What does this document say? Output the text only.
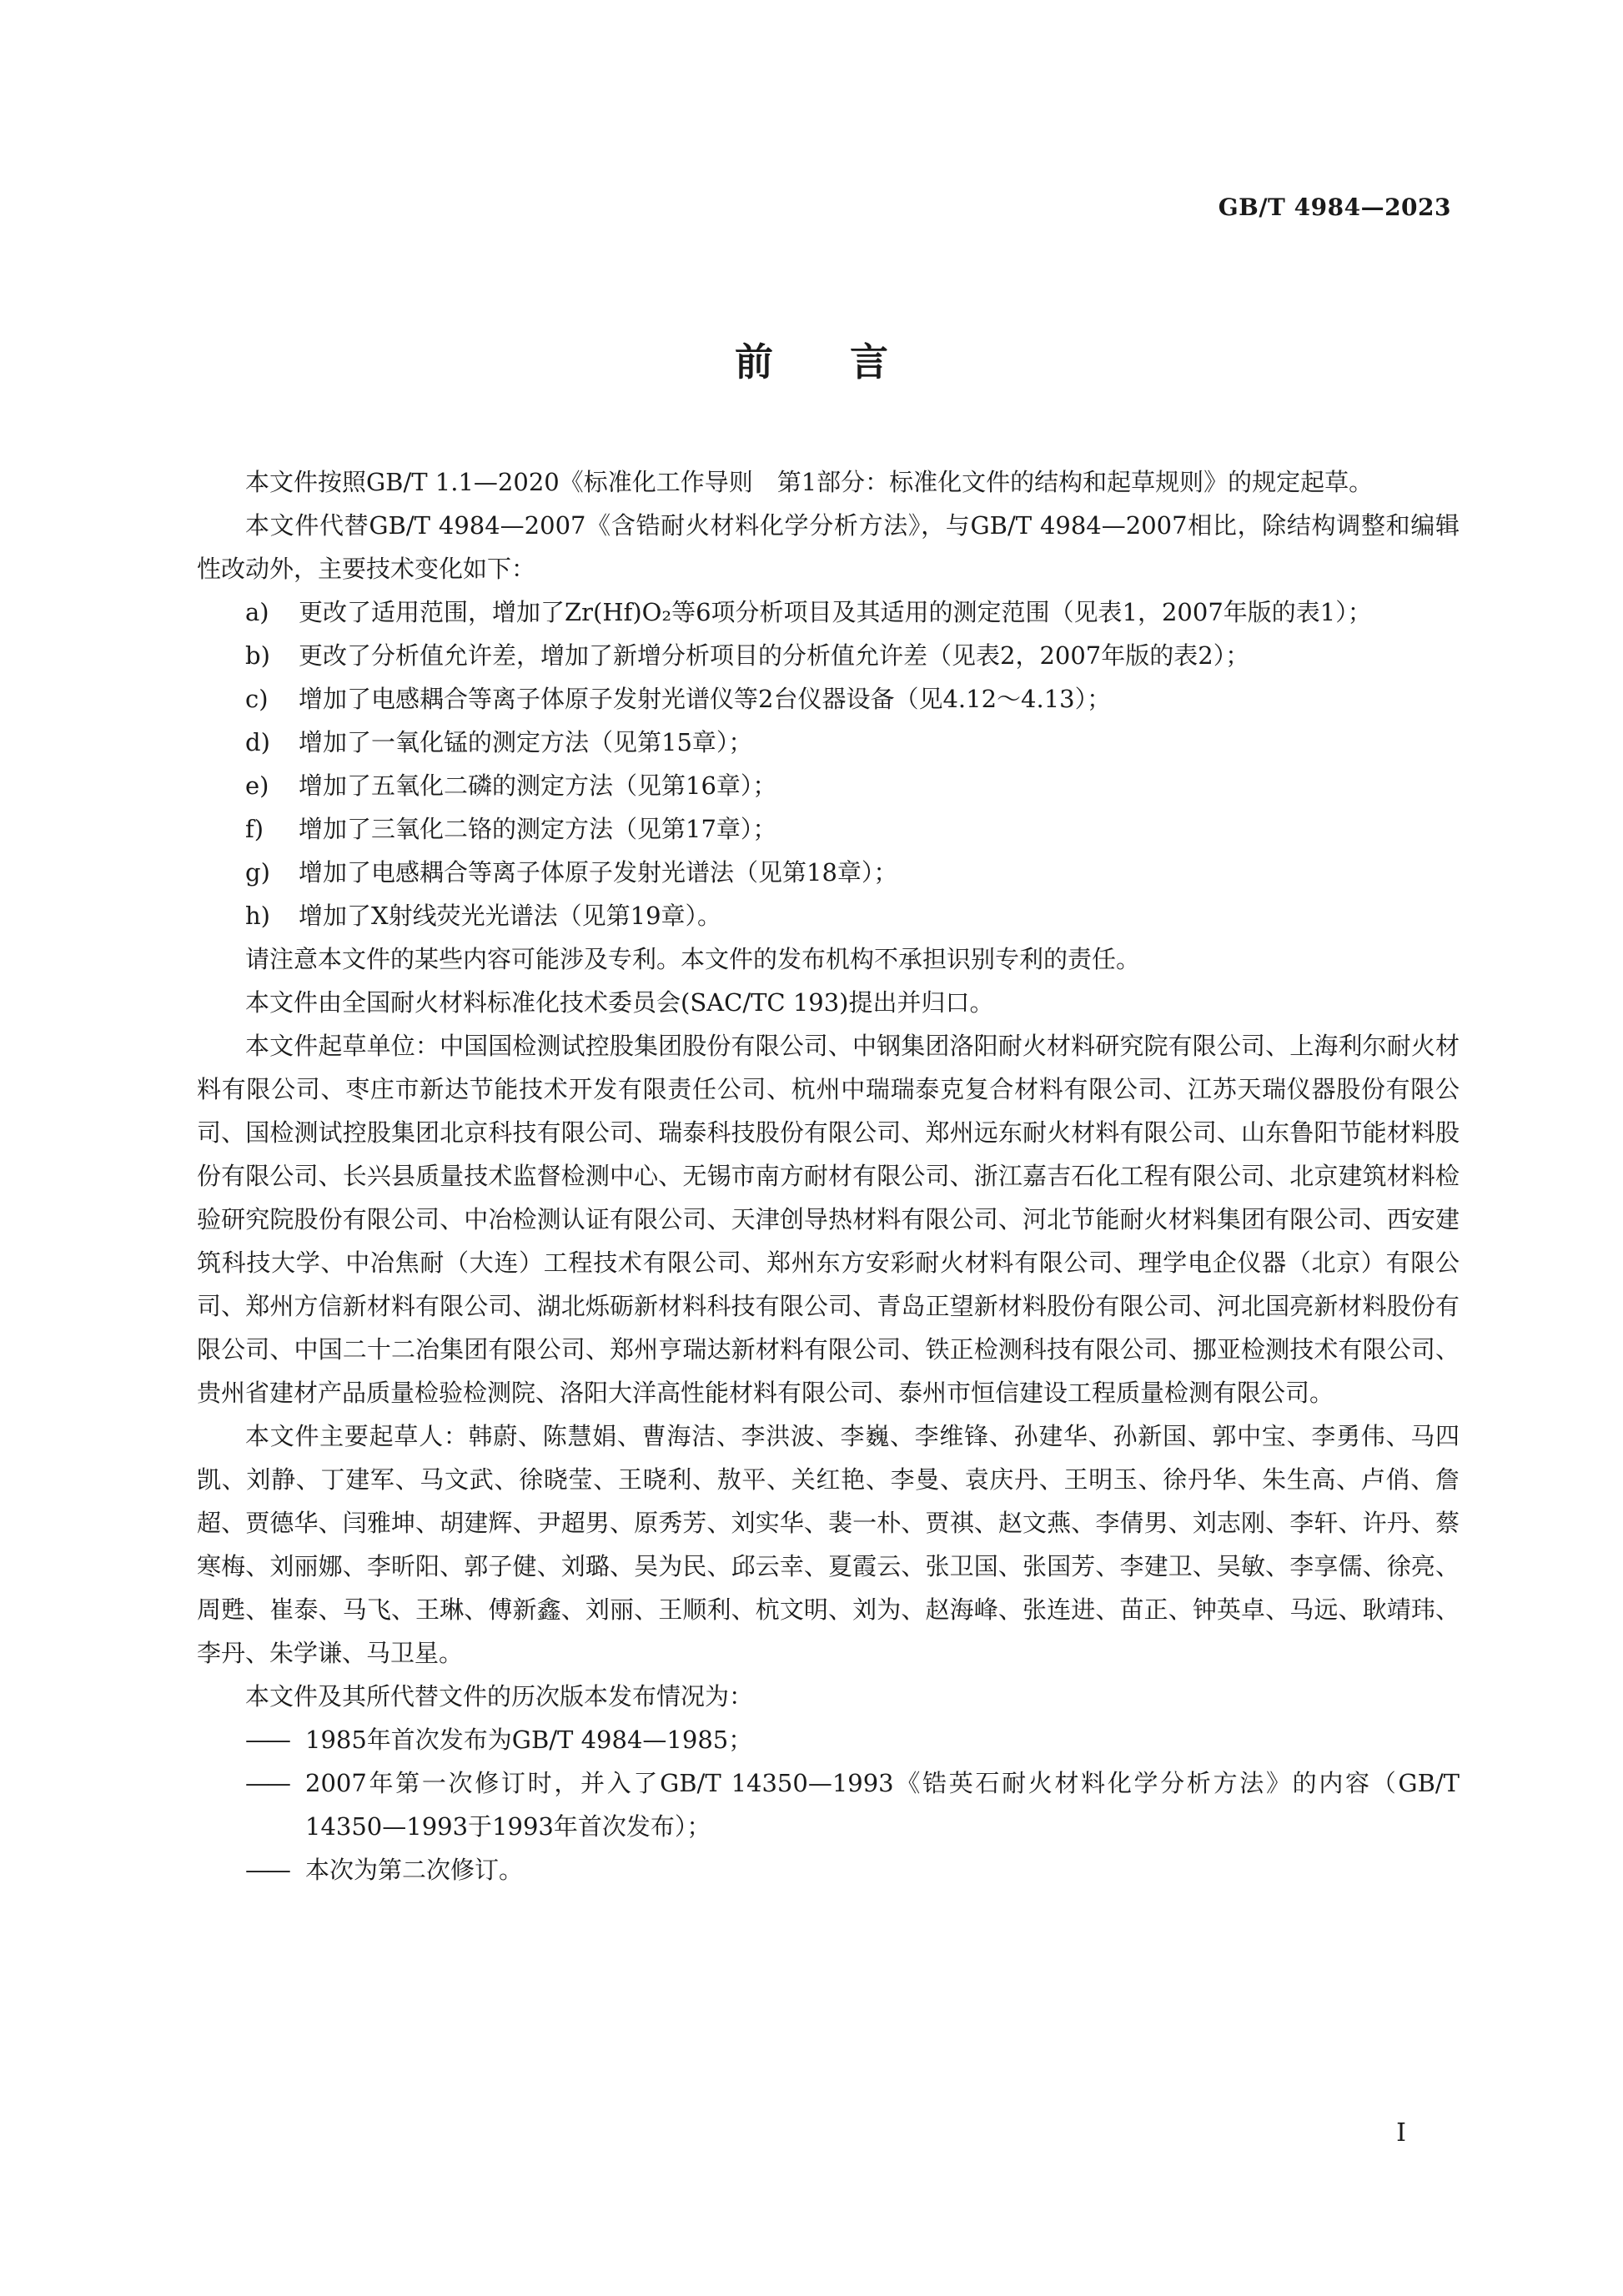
GB/T 4984—2023
前言

本文件按照GB/T 1.1—2020《标准化工作导则　第1部分：标准化文件的结构和起草规则》的规定起草。

本文件代替GB/T 4984—2007《含锆耐火材料化学分析方法》，与GB/T 4984—2007相比，除结构调整和编辑性改动外，主要技术变化如下：

a)	更改了适用范围，增加了Zr(Hf)O₂等6项分析项目及其适用的测定范围（见表1，2007年版的表1）；
b)	更改了分析值允许差，增加了新增分析项目的分析值允许差（见表2，2007年版的表2）；
c)	增加了电感耦合等离子体原子发射光谱仪等2台仪器设备（见4.12～4.13）；
d)	增加了一氧化锰的测定方法（见第15章）；
e)	增加了五氧化二磷的测定方法（见第16章）；
f)	增加了三氧化二铬的测定方法（见第17章）；
g)	增加了电感耦合等离子体原子发射光谱法（见第18章）；
h)	增加了X射线荧光光谱法（见第19章）。

请注意本文件的某些内容可能涉及专利。本文件的发布机构不承担识别专利的责任。

本文件由全国耐火材料标准化技术委员会(SAC/TC 193)提出并归口。

本文件起草单位：中国国检测试控股集团股份有限公司、中钢集团洛阳耐火材料研究院有限公司、上海利尔耐火材料有限公司、枣庄市新达节能技术开发有限责任公司、杭州中瑞瑞泰克复合材料有限公司、江苏天瑞仪器股份有限公司、国检测试控股集团北京科技有限公司、瑞泰科技股份有限公司、郑州远东耐火材料有限公司、山东鲁阳节能材料股份有限公司、长兴县质量技术监督检测中心、无锡市南方耐材有限公司、浙江嘉吉石化工程有限公司、北京建筑材料检验研究院股份有限公司、中冶检测认证有限公司、天津创导热材料有限公司、河北节能耐火材料集团有限公司、西安建筑科技大学、中冶焦耐（大连）工程技术有限公司、郑州东方安彩耐火材料有限公司、理学电企仪器（北京）有限公司、郑州方信新材料有限公司、湖北烁砺新材料科技有限公司、青岛正望新材料股份有限公司、河北国亮新材料股份有限公司、中国二十二冶集团有限公司、郑州亨瑞达新材料有限公司、铁正检测科技有限公司、挪亚检测技术有限公司、贵州省建材产品质量检验检测院、洛阳大洋高性能材料有限公司、泰州市恒信建设工程质量检测有限公司。

本文件主要起草人：韩蔚、陈慧娟、曹海洁、李洪波、李巍、李维锋、孙建华、孙新国、郭中宝、李勇伟、马四凯、刘静、丁建军、马文武、徐晓莹、王晓利、敖平、关红艳、李曼、袁庆丹、王明玉、徐丹华、朱生高、卢俏、詹超、贾德华、闫雅坤、胡建辉、尹超男、原秀芳、刘实华、裴一朴、贾祺、赵文燕、李倩男、刘志刚、李轩、许丹、蔡寒梅、刘丽娜、李昕阳、郭子健、刘璐、吴为民、邱云幸、夏霞云、张卫国、张国芳、李建卫、吴敏、李享儒、徐亮、周甦、崔泰、马飞、王琳、傅新鑫、刘丽、王顺利、杭文明、刘为、赵海峰、张连进、苗正、钟英卓、马远、耿靖玮、李丹、朱学谦、马卫星。

本文件及其所代替文件的历次版本发布情况为：

—— 1985年首次发布为GB/T 4984—1985；
—— 2007年第一次修订时，并入了GB/T 14350—1993《锆英石耐火材料化学分析方法》的内容（GB/T 14350—1993于1993年首次发布）；
—— 本次为第二次修订。
I
